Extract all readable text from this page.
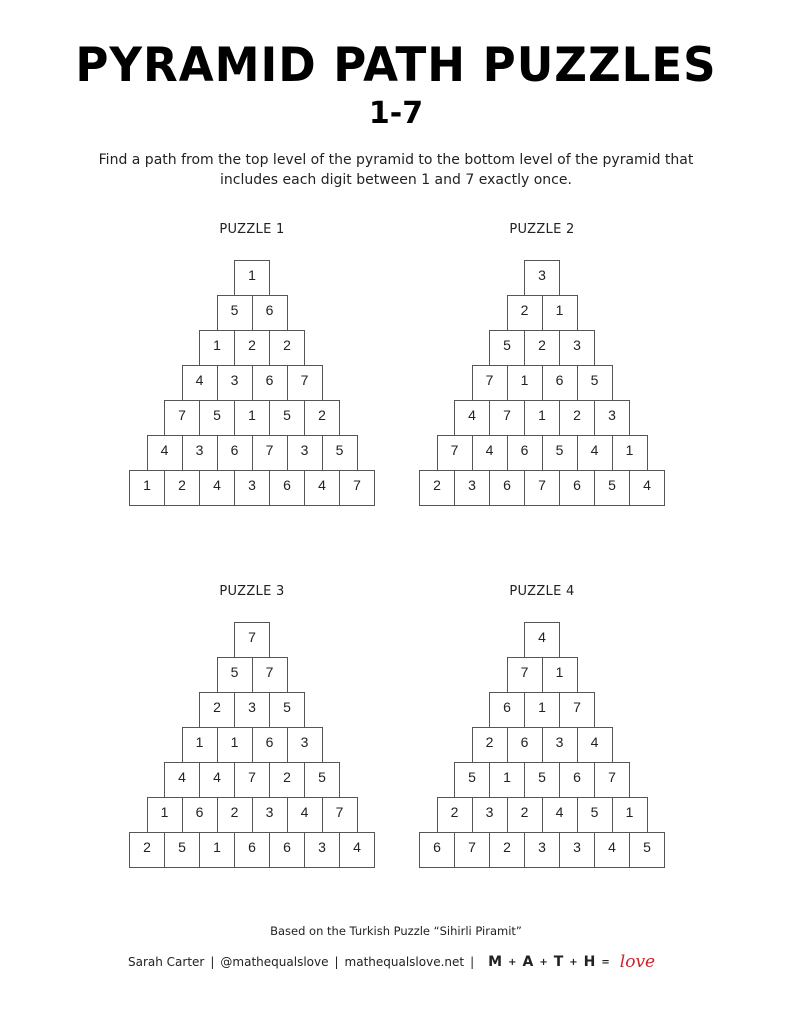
PYRAMID PATH PUZZLES
1-7
Find a path from the top level of the pyramid to the bottom level of the pyramid that
includes each digit between 1 and 7 exactly once.
PUZZLE 1
1
5	6
1	2	2
4	3	6	7
7	5	1	5	2
4	3	6	7	3	5
1	2	4	3	6	4	7
PUZZLE 2
3
2	1
5	2	3
7	1	6	5
4	7	1	2	3
7	4	6	5	4	1
2	3	6	7	6	5	4
PUZZLE 3
7
5	7
2	3	5
1	1	6	3
4	4	7	2	5
1	6	2	3	4	7
2	5	1	6	6	3	4
PUZZLE 4
4
7	1
6	1	7
2	6	3	4
5	1	5	6	7
2	3	2	4	5	1
6	7	2	3	3	4	5
Based on the Turkish Puzzle “Sihirli Piramit”
Sarah Carter | @mathequalslove | mathequalslove.net | M + A + T + H = love
